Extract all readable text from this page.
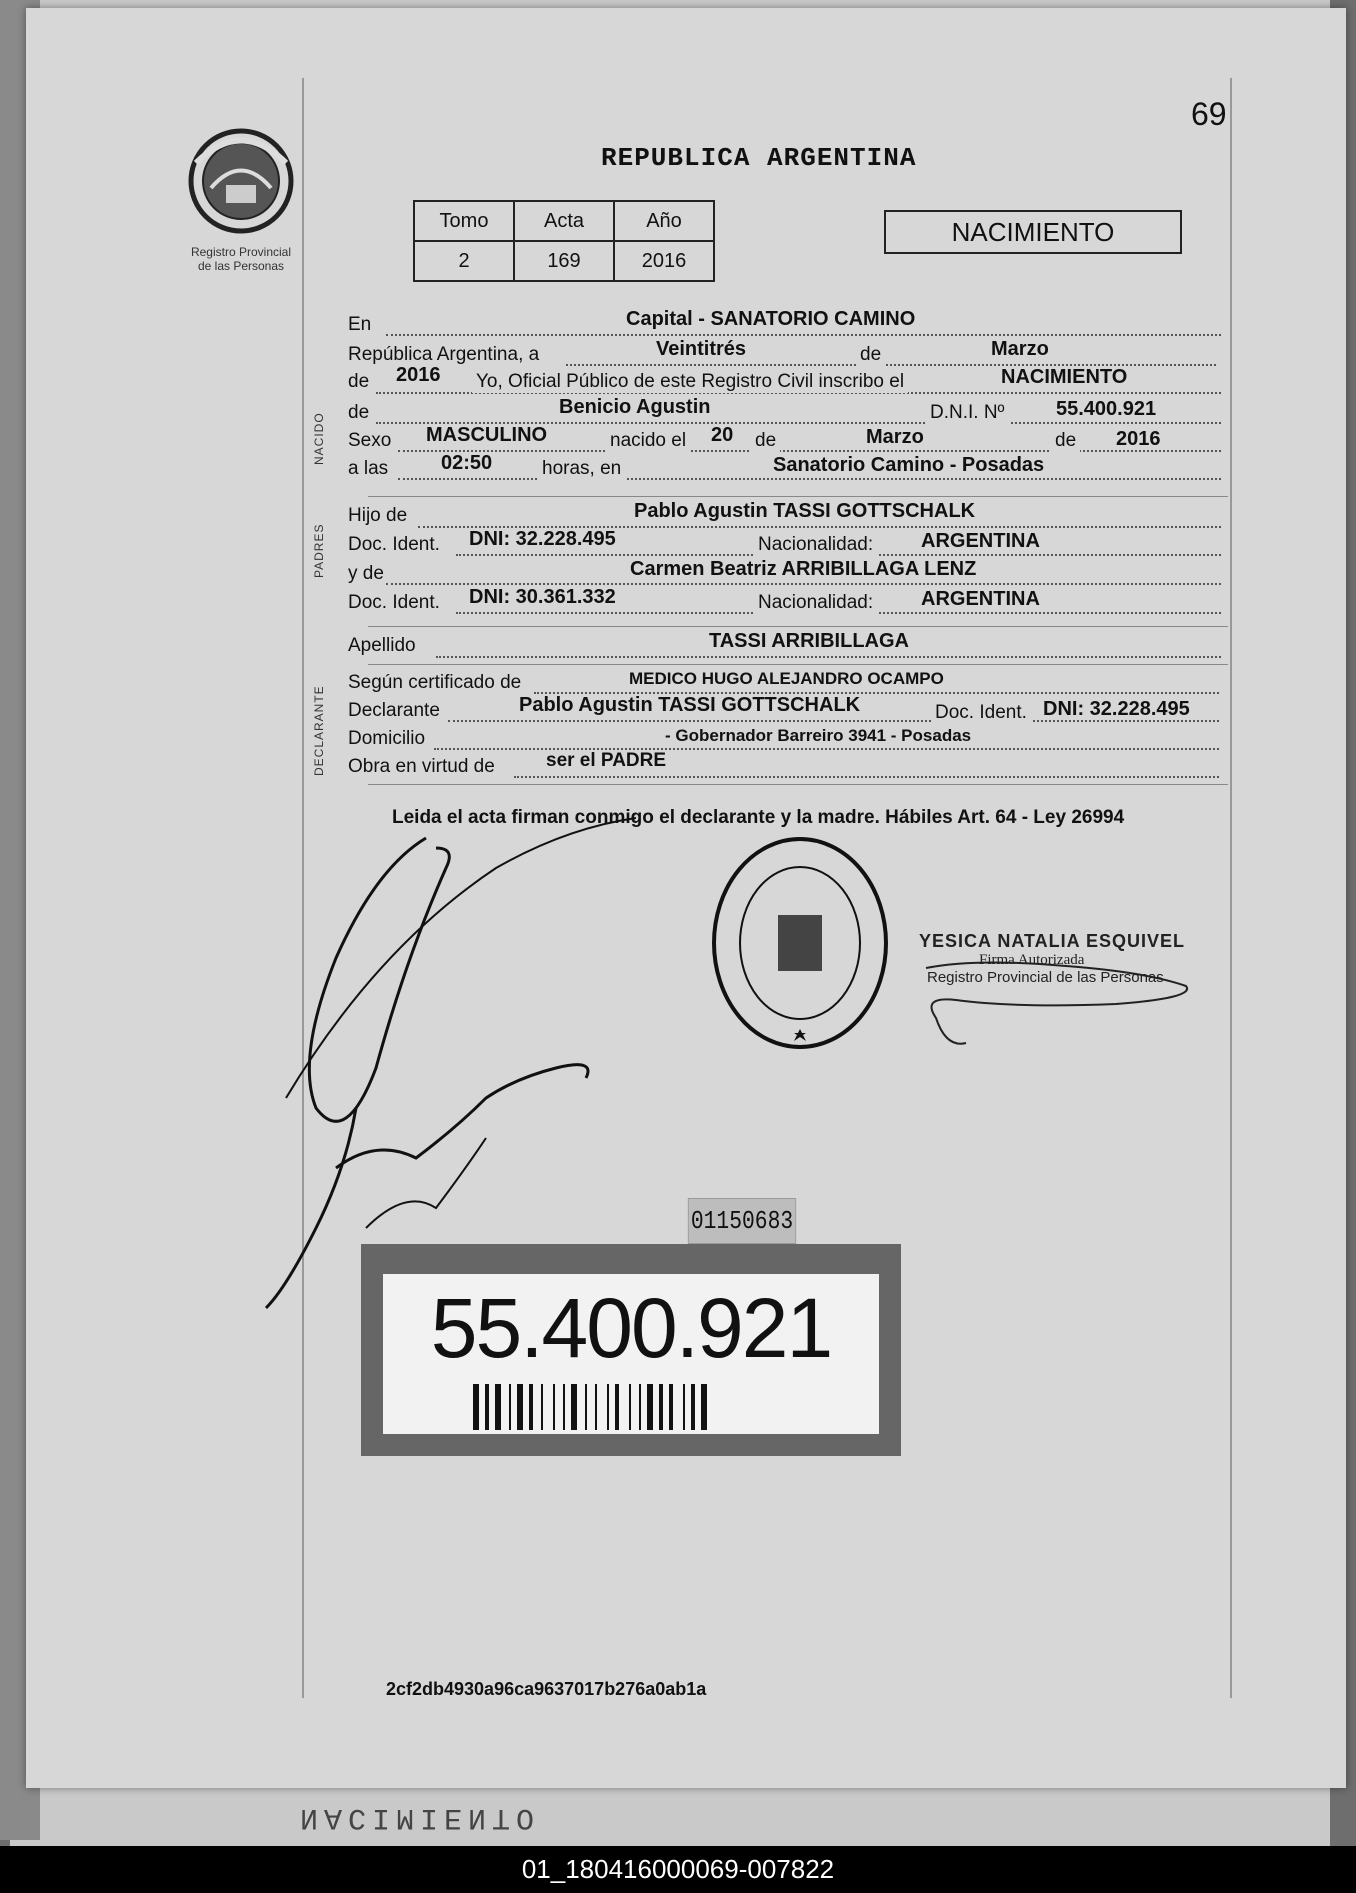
NACIMIENTO
69
REPUBLICA ARGENTINA
Registro Provincial
de las Personas
Tomo	Acta	Año
2	169	2016
NACIMIENTO
En	Capital - SANATORIO CAMINO
República Argentina, a	Veintitrés	de	Marzo
de 2016 Yo, Oficial Público de este Registro Civil inscribo el	NACIMIENTO
NACIDO de	Benicio Agustin	D.N.I. Nº	55.400.921
Sexo MASCULINO	nacido el 20 de	Marzo	de 2016
a las	02:50	horas, en	Sanatorio Camino - Posadas
PADRES
Hijo de	Pablo Agustin TASSI GOTTSCHALK
Doc. Ident. DNI: 32.228.495	Nacionalidad: ARGENTINA
y de	Carmen Beatriz ARRIBILLAGA LENZ
Doc. Ident. DNI: 30.361.332	Nacionalidad: ARGENTINA
Apellido	TASSI ARRIBILLAGA
DECLARANTE
Según certificado de	MEDICO HUGO ALEJANDRO OCAMPO
Declarante	Pablo Agustin TASSI GOTTSCHALK	Doc. Ident. DNI: 32.228.495
Domicilio	- Gobernador Barreiro 3941 - Posadas
Obra en virtud de	ser el PADRE
Leida el acta firman conmigo el declarante y la madre. Hábiles Art. 64 - Ley 26994
YESICA NATALIA ESQUIVEL
Firma Autorizada
Registro Provincial de las Personas
01150683
55.400.921
2cf2db4930a96ca9637017b276a0ab1a
01_180416000069-007822
